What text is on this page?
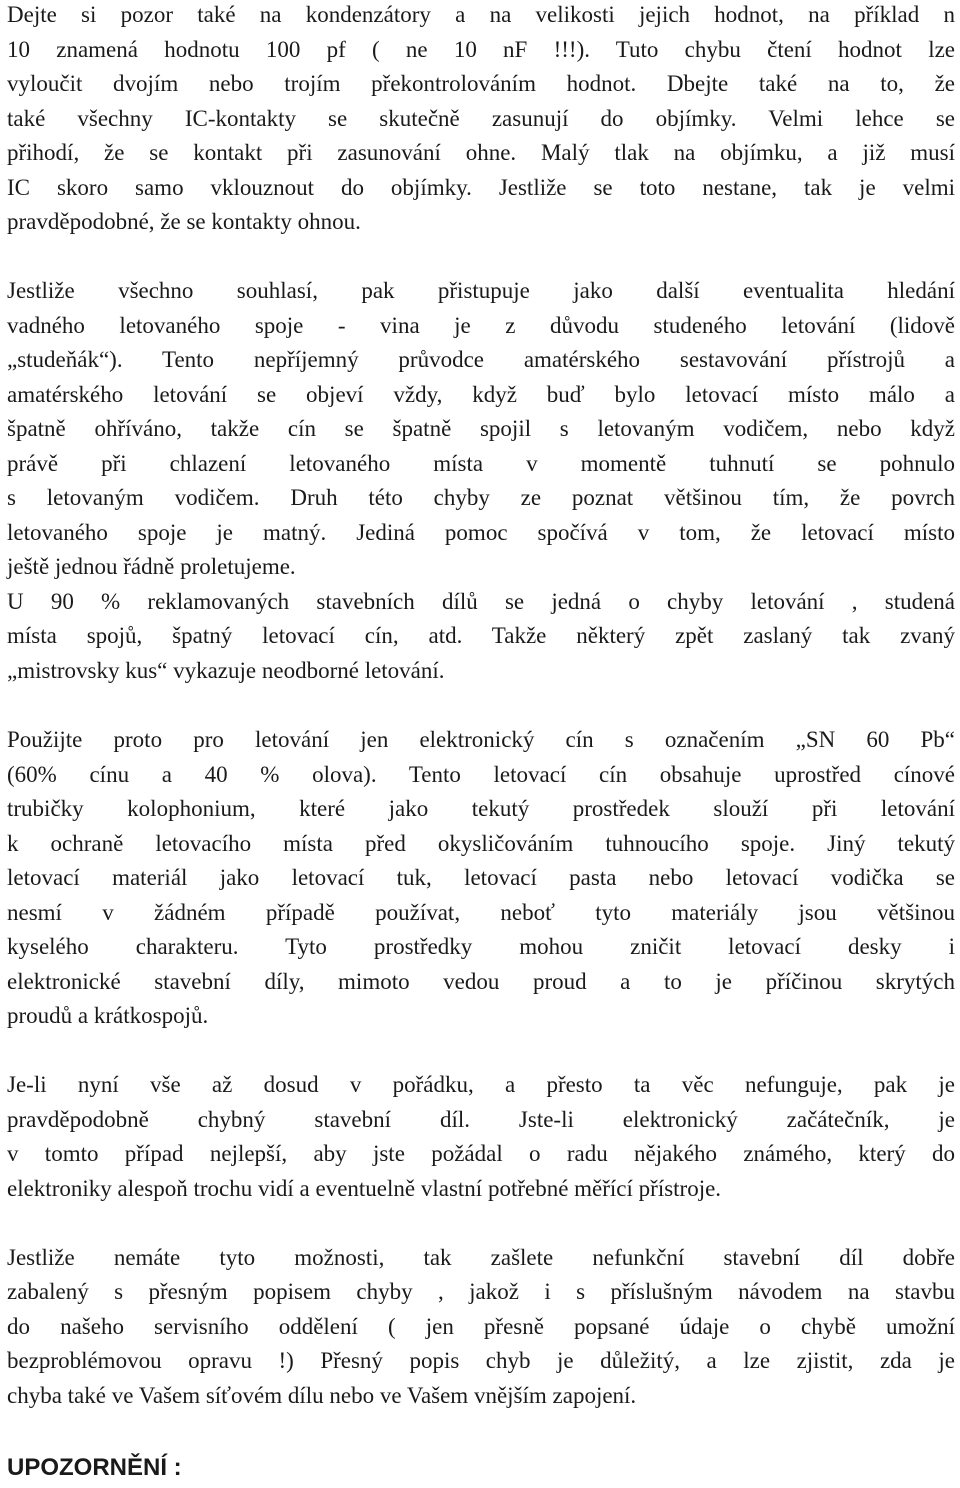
Dejte si pozor také na kondenzátory a na velikosti jejich hodnot, na příklad n
10 znamená hodnotu 100 pf ( ne 10 nF !!!). Tuto chybu čtení hodnot lze
vyloučit dvojím nebo trojím překontrolováním hodnot. Dbejte také na to, že
také všechny IC-kontakty se skutečně zasunují do objímky. Velmi lehce se
přihodí, že se kontakt při zasunování ohne. Malý tlak na objímku, a již musí
IC skoro samo vklouznout do objímky. Jestliže se toto nestane, tak je velmi
pravděpodobné, že se kontakty ohnou.
Jestliže všechno souhlasí, pak přistupuje jako další eventualita hledání
vadného letovaného spoje - vina je z důvodu studeného letování (lidově
„studeňák“). Tento nepříjemný průvodce amatérského sestavování přístrojů a
amatérského letování se objeví vždy, když buď bylo letovací místo málo a
špatně ohříváno, takže cín se špatně spojil s letovaným vodičem, nebo když
právě při chlazení letovaného místa v momentě tuhnutí se pohnulo
s letovaným vodičem. Druh této chyby ze poznat většinou tím, že povrch
letovaného spoje je matný. Jediná pomoc spočívá v tom, že letovací místo
ještě jednou řádně proletujeme.
U 90 % reklamovaných stavebních dílů se jedná o chyby letování , studená
místa spojů, špatný letovací cín, atd. Takže některý zpět zaslaný tak zvaný
„mistrovsky kus“ vykazuje neodborné letování.
Použijte proto pro letování jen elektronický cín s označením „SN 60 Pb“
(60% cínu a 40 % olova). Tento letovací cín obsahuje uprostřed cínové
trubičky kolophonium, které jako tekutý prostředek slouží při letování
k ochraně letovacího místa před okysličováním tuhnoucího spoje. Jiný tekutý
letovací materiál jako letovací tuk, letovací pasta nebo letovací vodička se
nesmí v žádném případě používat, neboť tyto materiály jsou většinou
kyselého charakteru. Tyto prostředky mohou zničit letovací desky i
elektronické stavební díly, mimoto vedou proud a to je příčinou skrytých
proudů a krátkospojů.
Je-li nyní vše až dosud v pořádku, a přesto ta věc nefunguje, pak je
pravděpodobně chybný stavební díl. Jste-li elektronický začátečník, je
v tomto případ nejlepší, aby jste požádal o radu nějakého známého, který do
elektroniky alespoň trochu vidí a eventuelně vlastní potřebné měřící přístroje.
Jestliže nemáte tyto možnosti, tak zašlete nefunkční stavební díl dobře
zabalený s přesným popisem chyby , jakož i s příslušným návodem na stavbu
do našeho servisního oddělení ( jen přesně popsané údaje o chybě umožní
bezproblémovou opravu !) Přesný popis chyb je důležitý, a lze zjistit, zda je
chyba také ve Vašem síťovém dílu nebo ve Vašem vnějším zapojení.
UPOZORNĚNÍ :
